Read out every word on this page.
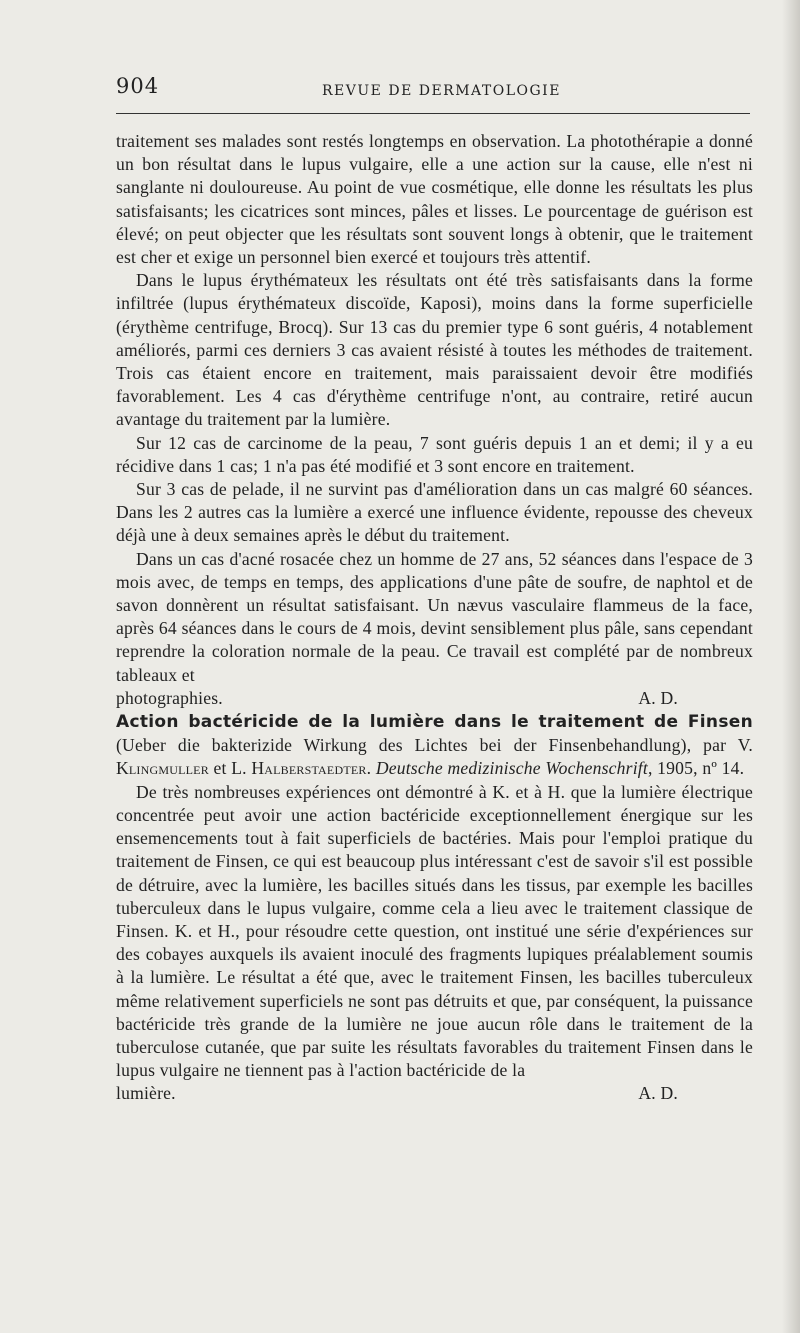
904	REVUE DE DERMATOLOGIE

traitement ses malades sont restés longtemps en observation. La photothérapie a donné un bon résultat dans le lupus vulgaire, elle a une action sur la cause, elle n'est ni sanglante ni douloureuse. Au point de vue cosmétique, elle donne les résultats les plus satisfaisants; les cicatrices sont minces, pâles et lisses. Le pourcentage de guérison est élevé; on peut objecter que les résultats sont souvent longs à obtenir, que le traitement est cher et exige un personnel bien exercé et toujours très attentif.

Dans le lupus érythémateux les résultats ont été très satisfaisants dans la forme infiltrée (lupus érythémateux discoïde, Kaposi), moins dans la forme superficielle (érythème centrifuge, Brocq). Sur 13 cas du premier type 6 sont guéris, 4 notablement améliorés, parmi ces derniers 3 cas avaient résisté à toutes les méthodes de traitement. Trois cas étaient encore en traitement, mais paraissaient devoir être modifiés favorablement. Les 4 cas d'érythème centrifuge n'ont, au contraire, retiré aucun avantage du traitement par la lumière.

Sur 12 cas de carcinome de la peau, 7 sont guéris depuis 1 an et demi; il y a eu récidive dans 1 cas; 1 n'a pas été modifié et 3 sont encore en traitement.

Sur 3 cas de pelade, il ne survint pas d'amélioration dans un cas malgré 60 séances. Dans les 2 autres cas la lumière a exercé une influence évidente, repousse des cheveux déjà une à deux semaines après le début du traitement.

Dans un cas d'acné rosacée chez un homme de 27 ans, 52 séances dans l'espace de 3 mois avec, de temps en temps, des applications d'une pâte de soufre, de naphtol et de savon donnèrent un résultat satisfaisant. Un nævus vasculaire flammeus de la face, après 64 séances dans le cours de 4 mois, devint sensiblement plus pâle, sans cependant reprendre la coloration normale de la peau. Ce travail est complété par de nombreux tableaux et

photographies.	A. D.

Action bactéricide de la lumière dans le traitement de Finsen (Ueber die bakterizide Wirkung des Lichtes bei der Finsenbehandlung), par V. Klingmuller et L. Halberstaedter. Deutsche medizinische Wochenschrift, 1905, nº 14.

De très nombreuses expériences ont démontré à K. et à H. que la lumière électrique concentrée peut avoir une action bactéricide exceptionnellement énergique sur les ensemencements tout à fait superficiels de bactéries. Mais pour l'emploi pratique du traitement de Finsen, ce qui est beaucoup plus intéressant c'est de savoir s'il est possible de détruire, avec la lumière, les bacilles situés dans les tissus, par exemple les bacilles tuberculeux dans le lupus vulgaire, comme cela a lieu avec le traitement classique de Finsen. K. et H., pour résoudre cette question, ont institué une série d'expériences sur des cobayes auxquels ils avaient inoculé des fragments lupiques préalablement soumis à la lumière. Le résultat a été que, avec le traitement Finsen, les bacilles tuberculeux même relativement superficiels ne sont pas détruits et que, par conséquent, la puissance bactéricide très grande de la lumière ne joue aucun rôle dans le traitement de la tuberculose cutanée, que par suite les résultats favorables du traitement Finsen dans le lupus vulgaire ne tiennent pas à l'action bactéricide de la

lumière.	A. D.
